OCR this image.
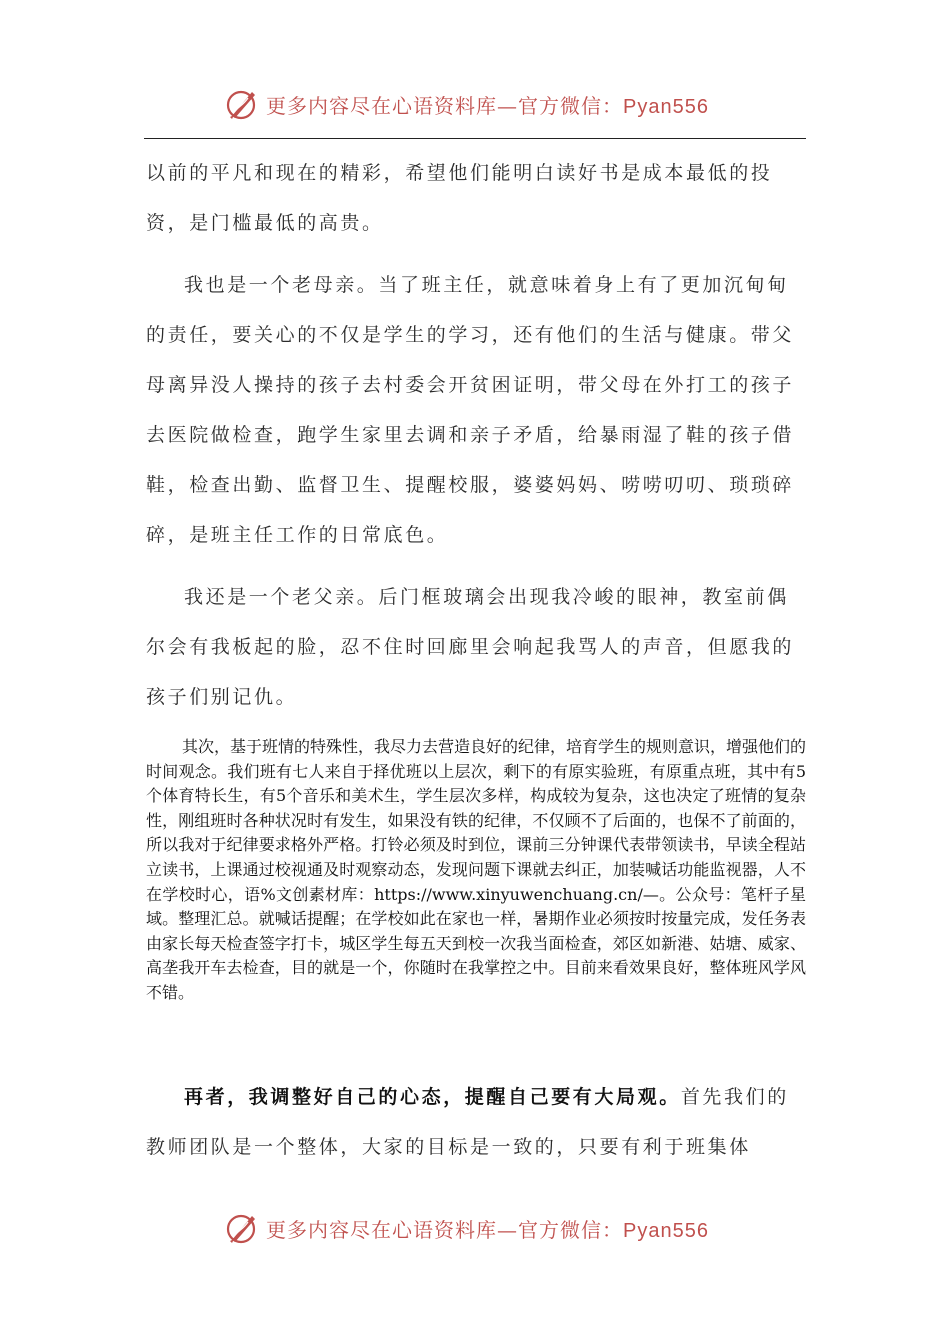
更多内容尽在心语资料库—官方微信：Pyan556

以前的平凡和现在的精彩，希望他们能明白读好书是成本最低的投资，是门槛最低的高贵。

我也是一个老母亲。当了班主任，就意味着身上有了更加沉甸甸的责任，要关心的不仅是学生的学习，还有他们的生活与健康。带父母离异没人操持的孩子去村委会开贫困证明，带父母在外打工的孩子去医院做检查，跑学生家里去调和亲子矛盾，给暴雨湿了鞋的孩子借鞋，检查出勤、监督卫生、提醒校服，婆婆妈妈、唠唠叨叨、琐琐碎碎，是班主任工作的日常底色。

我还是一个老父亲。后门框玻璃会出现我冷峻的眼神，教室前偶尔会有我板起的脸，忍不住时回廊里会响起我骂人的声音，但愿我的孩子们别记仇。

其次，基于班情的特殊性，我尽力去营造良好的纪律，培育学生的规则意识，增强他们的时间观念。我们班有七人来自于择优班以上层次，剩下的有原实验班，有原重点班，其中有5个体育特长生，有5个音乐和美术生，学生层次多样，构成较为复杂，这也决定了班情的复杂性，刚组班时各种状况时有发生，如果没有铁的纪律，不仅顾不了后面的，也保不了前面的，所以我对于纪律要求格外严格。打铃必须及时到位，课前三分钟课代表带领读书，早读全程站立读书，上课通过校视通及时观察动态，发现问题下课就去纠正，加装喊话功能监视器，人不在学校时心，语%文创素材库：https://www.xinyuwenchuang.cn/—。公众号：笔杆子星域。整理汇总。就喊话提醒；在学校如此在家也一样，暑期作业必须按时按量完成，发任务表由家长每天检查签字打卡，城区学生每五天到校一次我当面检查，郊区如新港、姑塘、威家、高垄我开车去检查，目的就是一个，你随时在我掌控之中。目前来看效果良好，整体班风学风不错。

再者，我调整好自己的心态，提醒自己要有大局观。首先我们的教师团队是一个整体，大家的目标是一致的，只要有利于班集体

更多内容尽在心语资料库—官方微信：Pyan556
